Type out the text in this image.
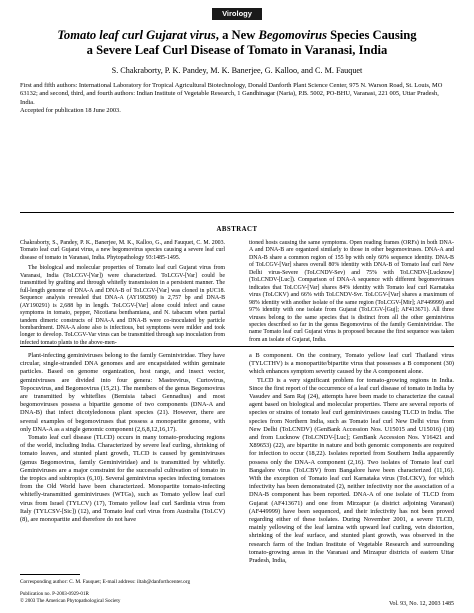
Virology
Tomato leaf curl Gujarat virus, a New Begomovirus Species Causing
a Severe Leaf Curl Disease of Tomato in Varanasi, India
S. Chakraborty, P. K. Pandey, M. K. Banerjee, G. Kalloo, and C. M. Fauquet
First and fifth authors: International Laboratory for Tropical Agricultural Biotechnology, Donald Danforth Plant Science Center, 975 N. Warson Road, St. Louis, MO 63132; and second, third, and fourth authors: Indian Institute of Vegetable Research, 1 Gandhinagar (Naria), P.B. 5002, PO-BHU, Varanasi, 221 005, Uttar Pradesh, India.
Accepted for publication 18 June 2003.
ABSTRACT

Chakraborty, S., Pandey, P. K., Banerjee, M. K., Kalloo, G., and Fauquet, C. M. 2003. Tomato leaf curl Gujarat virus, a new begomovirus species causing a severe leaf curl disease of tomato in Varanasi, India. Phytopathology 93:1485-1495.

The biological and molecular properties of Tomato leaf curl Gujarat virus from Varanasi, India (ToLCGV-[Var]) were characterized. ToLCGV-[Var] could be transmitted by grafting and through whitefly transmission in a persistent manner. The full-length genome of DNA-A and DNA-B of ToLCGV-[Var] was cloned in pUC18. Sequence analysis revealed that DNA-A (AY190290) is 2,757 bp and DNA-B (AY190291) is 2,688 bp in length. ToLCGV-[Var] alone could infect and cause symptoms in tomato, pepper, Nicotiana benthamiana, and N. tabacum when partial tandem dimeric constructs of DNA-A and DNA-B were co-inoculated by particle bombardment. DNA-A alone also is infectious, but symptoms were milder and took longer to develop. ToLCGV-Var virus can be transmitted through sap inoculation from infected tomato plants to the above-men-

tioned hosts causing the same symptoms. Open reading frames (ORFs) in both DNA-A and DNA-B are organized similarly to those in other begomoviruses. DNA-A and DNA-B share a common region of 155 bp with only 60% sequence identity. DNA-B of ToLCGV-[Var] shares overall 80% identity with DNA-B of Tomato leaf curl New Delhi virus-Severe (ToLCNDV-Sev) and 75% with ToLCNDV-[Lucknow] (ToLCNDV-[Luc]). Comparison of DNA-A sequence with different begomoviruses indicates that ToLCGV-[Var] shares 84% identity with Tomato leaf curl Karnataka virus (ToLCKV) and 66% with ToLCNDV-Svr. ToLCGV-[Var] shares a maximum of 98% identity with another isolate of the same region (ToLCGV-[Mir]; AF449999) and 97% identity with one isolate from Gujarat (ToLCGV-[Guj]; AF413671). All three viruses belong to the same species that is distinct from all the other geminivirus species described so far in the genus Begomovirus of the family Geminiviridae. The name Tomato leaf curl Gujarat virus is proposed because the first sequence was taken from an isolate of Gujarat, India.

Plant-infecting geminiviruses belong to the family Geminiviridae. They have circular, single-stranded DNA genomes and are encapsidated within geminate particles. Based on genome organization, host range, and insect vector, geminiviruses are divided into four genera: Mastrevirus, Curtovirus, Topocuvirus, and Begomovirus (15,21). The members of the genus Begomovirus are transmitted by whiteflies (Bemisia tabaci Gennadius) and most begomoviruses possess a bipartite genome of two components (DNA-A and DNA-B) that infect dicotyledonous plant species (21). However, there are several examples of begomoviruses that possess a monopartite genome, with only DNA-A as a single genomic component (2,6,8,12,16,17).

Tomato leaf curl disease (TLCD) occurs in many tomato-producing regions of the world, including India. Characterized by severe leaf curling, shrinking of tomato leaves, and stunted plant growth, TLCD is caused by geminiviruses (genus Begomovirus, family Geminiviridae) and is transmitted by whitefly. Geminiviruses are a major constraint for the successful cultivation of tomato in the tropics and subtropics (6,10). Several geminivirus species infecting tomatoes from the Old World have been characterized. Monopartite tomato-infecting whitefly-transmitted geminiviruses (WTGs), such as Tomato yellow leaf curl virus from Israel (TYLCV) (17), Tomato yellow leaf curl Sardinia virus from Italy (TYLCSV-[Sic]) (12), and Tomato leaf curl virus from Australia (ToLCV) (8), are monopartite and therefore do not have

a B component. On the contrary, Tomato yellow leaf curl Thailand virus (TYLCTHV) is a monopartite/bipartite virus that possesses a B component (30) which enhances symptom severity caused by the A component alone.

TLCD is a very significant problem for tomato-growing regions in India. Since the first report of the occurrence of a leaf curl disease of tomato in India by Vasudev and Sam Raj (24), attempts have been made to characterize the causal agent based on biological and molecular properties. There are several reports of species or strains of tomato leaf curl geminiviruses causing TLCD in India. The species from Northern India, such as Tomato leaf curl New Delhi virus from New Delhi (ToLCNDV) (GenBank Accession Nos. U15015 and U15016) (18) and from Lucknow (ToLCNDV-[Luc]; GenBank Accession Nos. Y16421 and X89653) (22), are bipartite in nature and both genomic components are required for infection to occur (18,22). Isolates reported from Southern India apparently possess only the DNA-A component (2,16). Two isolates of Tomato leaf curl Bangalore virus (ToLCBV) from Bangalore have been characterized (11,16). With the exception of Tomato leaf curl Karnataka virus (ToLCKV), for which infectivity has been demonstrated (2), neither infectivity nor the association of a DNA-B component has been reported. DNA-A of one isolate of TLCD from Gujarat (AF413671) and one from Mirzapur (a district adjoining Varanasi) (AF449999) have been sequenced, and their infectivity has not been proved regarding either of these isolates. During November 2001, a severe TLCD, mainly yellowing of the leaf lamina with upward leaf curling, vein distortion, shrinking of the leaf surface, and stunted plant growth, was observed in the research farm of the Indian Institute of Vegetable Research and surrounding tomato-growing areas in the Varanasi and Mirzapur districts of eastern Uttar Pradesh, India,

Corresponding author: C. M. Fauquet; E-mail address: iltab@danforthcenter.org
Publication no. P-2003-0929-01R
© 2003 The American Phytopathological Society
Vol. 93, No. 12, 2003 1485
